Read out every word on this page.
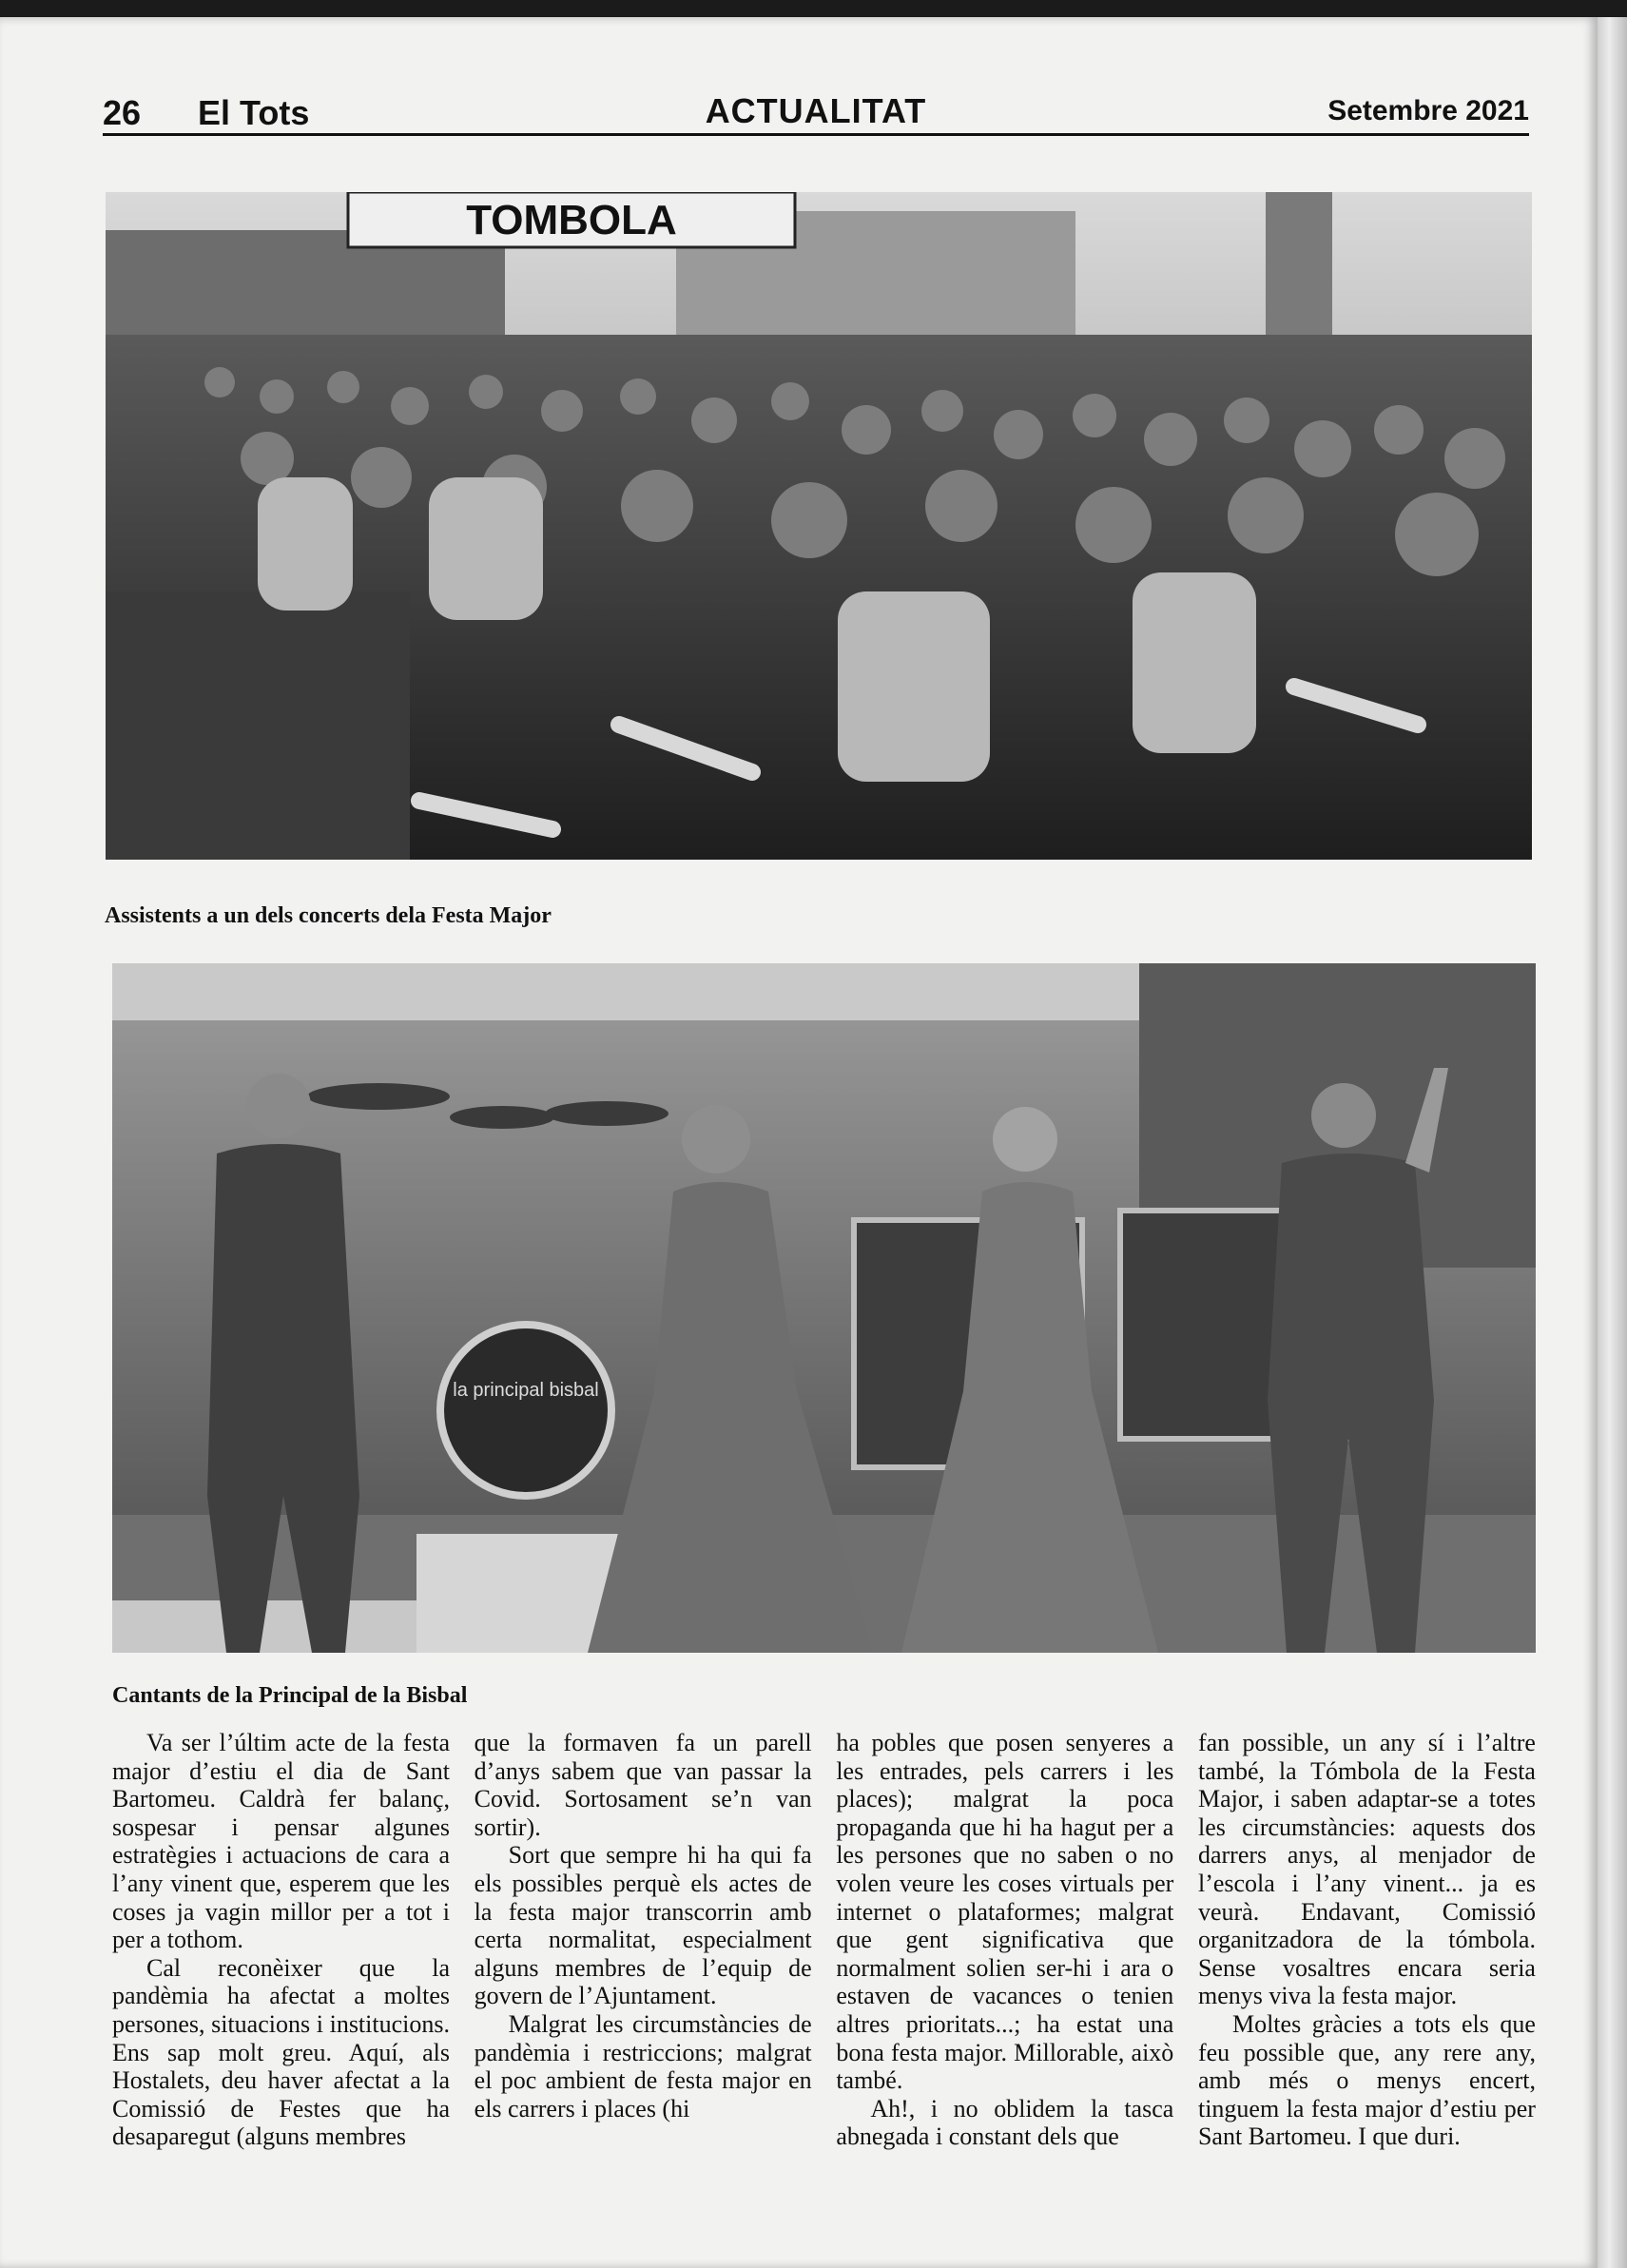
26 El Tots	ACTUALITAT	Setembre 2021
TOMBOLA
Assistents a un dels concerts dela Festa Major
la principal bisbal
Cantants de la Principal de la Bisbal

Va ser l’últim acte de la festa major d’estiu el dia de Sant Bartomeu. Caldrà fer balanç, sospesar i pensar algunes estratègies i actuacions de cara a l’any vinent que, esperem que les coses ja vagin millor per a tot i per a tothom.

Cal reconèixer que la pandèmia ha afectat a moltes persones, situacions i institucions. Ens sap molt greu. Aquí, als Hostalets, deu haver afectat a la Comissió de Festes que ha desaparegut (alguns membres

que la formaven fa un parell d’anys sabem que van passar la Covid. Sortosament se’n van sortir).

Sort que sempre hi ha qui fa els possibles perquè els actes de la festa major transcorrin amb certa normalitat, especialment alguns membres de l’equip de govern de l’Ajuntament.

Malgrat les circumstàncies de pandèmia i restriccions; malgrat el poc ambient de festa major en els carrers i places (hi

ha pobles que posen senyeres a les entrades, pels carrers i les places); malgrat la poca propaganda que hi ha hagut per a les persones que no saben o no volen veure les coses virtuals per internet o plataformes; malgrat que gent significativa que normalment solien ser-hi i ara o estaven de vacances o tenien altres prioritats...; ha estat una bona festa major. Millorable, això també.

Ah!, i no oblidem la tasca abnegada i constant dels que

fan possible, un any sí i l’altre també, la Tómbola de la Festa Major, i saben adaptar-se a totes les circumstàncies: aquests dos darrers anys, al menjador de l’escola i l’any vinent... ja es veurà. Endavant, Comissió organitzadora de la tómbola. Sense vosaltres encara seria menys viva la festa major.

Moltes gràcies a tots els que feu possible que, any rere any, amb més o menys encert, tinguem la festa major d’estiu per Sant Bartomeu. I que duri.
